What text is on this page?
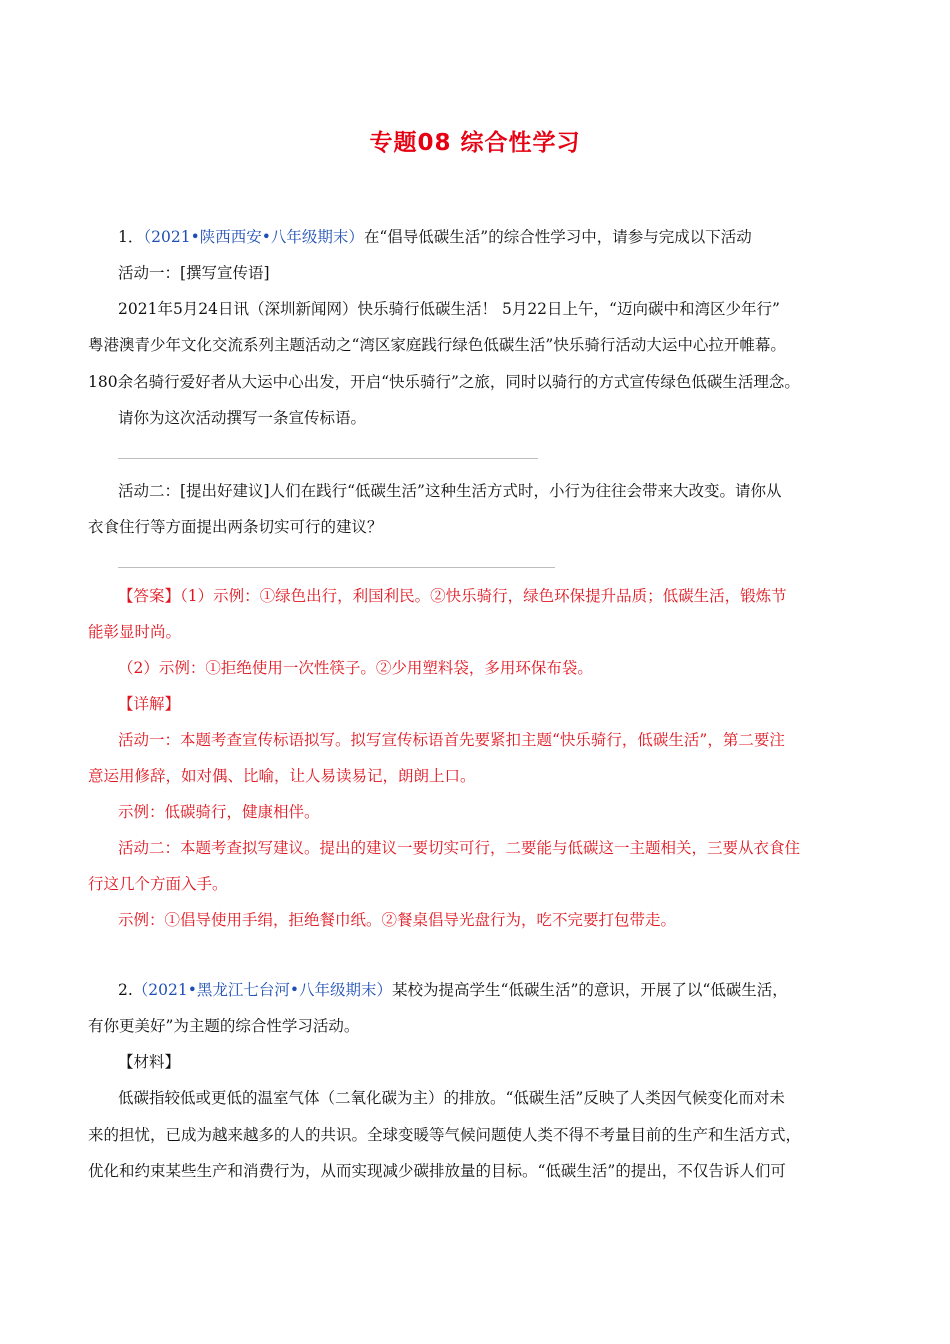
专题08 综合性学习
1．（2021•陕西西安•八年级期末）在“倡导低碳生活”的综合性学习中，请参与完成以下活动
活动一：[撰写宣传语]
2021年5月24日讯（深圳新闻网）快乐骑行低碳生活！ 5月22日上午，“迈向碳中和湾区少年行”
粤港澳青少年文化交流系列主题活动之“湾区家庭践行绿色低碳生活”快乐骑行活动大运中心拉开帷幕。
180余名骑行爱好者从大运中心出发，开启“快乐骑行”之旅，同时以骑行的方式宣传绿色低碳生活理念。
请你为这次活动撰写一条宣传标语。
活动二：[提出好建议]人们在践行“低碳生活”这种生活方式时，小行为往往会带来大改变。请你从
衣食住行等方面提出两条切实可行的建议？
【答案】（1）示例：①绿色出行，利国利民。②快乐骑行，绿色环保提升品质；低碳生活，锻炼节
能彰显时尚。
（2）示例：①拒绝使用一次性筷子。②少用塑料袋，多用环保布袋。
【详解】
活动一：本题考查宣传标语拟写。拟写宣传标语首先要紧扣主题“快乐骑行，低碳生活”，第二要注
意运用修辞，如对偶、比喻，让人易读易记，朗朗上口。
示例：低碳骑行，健康相伴。
活动二：本题考查拟写建议。提出的建议一要切实可行，二要能与低碳这一主题相关，三要从衣食住
行这几个方面入手。
示例：①倡导使用手绢，拒绝餐巾纸。②餐桌倡导光盘行为，吃不完要打包带走。
2.（2021•黑龙江七台河•八年级期末）某校为提高学生“低碳生活”的意识，开展了以“低碳生活，
有你更美好”为主题的综合性学习活动。
【材料】
低碳指较低或更低的温室气体（二氧化碳为主）的排放。“低碳生活”反映了人类因气候变化而对未
来的担忧，已成为越来越多的人的共识。全球变暖等气候问题使人类不得不考量目前的生产和生活方式，
优化和约束某些生产和消费行为，从而实现减少碳排放量的目标。“低碳生活”的提出，不仅告诉人们可
